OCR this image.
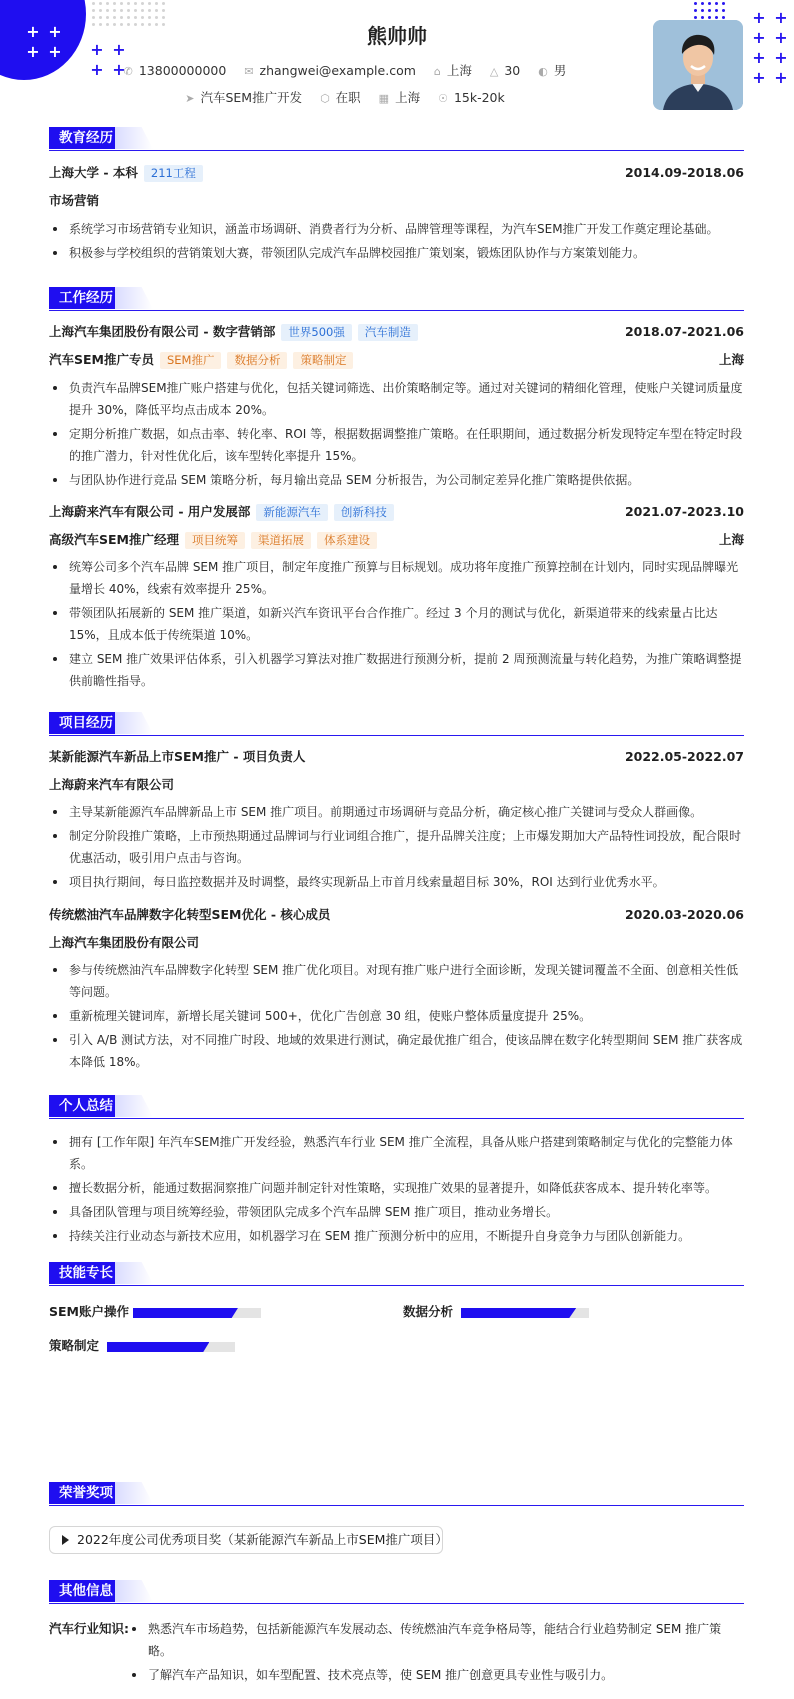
+ +
+ + + +
+ +
+ +
+ +
+ +
+ +
熊帅帅
✆ 13800000000 ✉ zhangwei@example.com ⌂ 上海 △ 30 ◐ 男
➤ 汽车SEM推广开发 ⬡ 在职 ▦ 上海 ☉ 15k-20k
教育经历
上海大学 - 本科 211工程	2014.09-2018.06
市场营销
系统学习市场营销专业知识，涵盖市场调研、消费者行为分析、品牌管理等课程，为汽车SEM推广开发工作奠定理论基础。
积极参与学校组织的营销策划大赛，带领团队完成汽车品牌校园推广策划案，锻炼团队协作与方案策划能力。
工作经历
上海汽车集团股份有限公司 - 数字营销部 世界500强 汽车制造	2018.07-2021.06
汽车SEM推广专员 SEM推广 数据分析 策略制定	上海
负责汽车品牌SEM推广账户搭建与优化，包括关键词筛选、出价策略制定等。通过对关键词的精细化管理，使账户关键词质量度提升 30%，降低平均点击成本 20%。
定期分析推广数据，如点击率、转化率、ROI 等，根据数据调整推广策略。在任职期间，通过数据分析发现特定车型在特定时段的推广潜力，针对性优化后，该车型转化率提升 15%。
与团队协作进行竞品 SEM 策略分析，每月输出竞品 SEM 分析报告，为公司制定差异化推广策略提供依据。
上海蔚来汽车有限公司 - 用户发展部 新能源汽车 创新科技	2021.07-2023.10
高级汽车SEM推广经理 项目统筹 渠道拓展 体系建设	上海
统筹公司多个汽车品牌 SEM 推广项目，制定年度推广预算与目标规划。成功将年度推广预算控制在计划内，同时实现品牌曝光量增长 40%，线索有效率提升 25%。
带领团队拓展新的 SEM 推广渠道，如新兴汽车资讯平台合作推广。经过 3 个月的测试与优化，新渠道带来的线索量占比达 15%，且成本低于传统渠道 10%。
建立 SEM 推广效果评估体系，引入机器学习算法对推广数据进行预测分析，提前 2 周预测流量与转化趋势，为推广策略调整提供前瞻性指导。
项目经历
某新能源汽车新品上市SEM推广 - 项目负责人	2022.05-2022.07
上海蔚来汽车有限公司
主导某新能源汽车品牌新品上市 SEM 推广项目。前期通过市场调研与竞品分析，确定核心推广关键词与受众人群画像。
制定分阶段推广策略，上市预热期通过品牌词与行业词组合推广，提升品牌关注度；上市爆发期加大产品特性词投放，配合限时优惠活动，吸引用户点击与咨询。
项目执行期间，每日监控数据并及时调整，最终实现新品上市首月线索量超目标 30%，ROI 达到行业优秀水平。
传统燃油汽车品牌数字化转型SEM优化 - 核心成员	2020.03-2020.06
上海汽车集团股份有限公司
参与传统燃油汽车品牌数字化转型 SEM 推广优化项目。对现有推广账户进行全面诊断，发现关键词覆盖不全面、创意相关性低等问题。
重新梳理关键词库，新增长尾关键词 500+，优化广告创意 30 组，使账户整体质量度提升 25%。
引入 A/B 测试方法，对不同推广时段、地域的效果进行测试，确定最优推广组合，使该品牌在数字化转型期间 SEM 推广获客成本降低 18%。
个人总结
拥有 [工作年限] 年汽车SEM推广开发经验，熟悉汽车行业 SEM 推广全流程，具备从账户搭建到策略制定与优化的完整能力体系。
擅长数据分析，能通过数据洞察推广问题并制定针对性策略，实现推广效果的显著提升，如降低获客成本、提升转化率等。
具备团队管理与项目统筹经验，带领团队完成多个汽车品牌 SEM 推广项目，推动业务增长。
持续关注行业动态与新技术应用，如机器学习在 SEM 推广预测分析中的应用，不断提升自身竞争力与团队创新能力。
技能专长
SEM账户操作	数据分析
策略制定
荣誉奖项
2022年度公司优秀项目奖（某新能源汽车新品上市SEM推广项目）
其他信息
汽车行业知识:	熟悉汽车市场趋势，包括新能源汽车发展动态、传统燃油汽车竞争格局等，能结合行业趋势制定 SEM 推广策略。
了解汽车产品知识，如车型配置、技术亮点等，使 SEM 推广创意更具专业性与吸引力。
